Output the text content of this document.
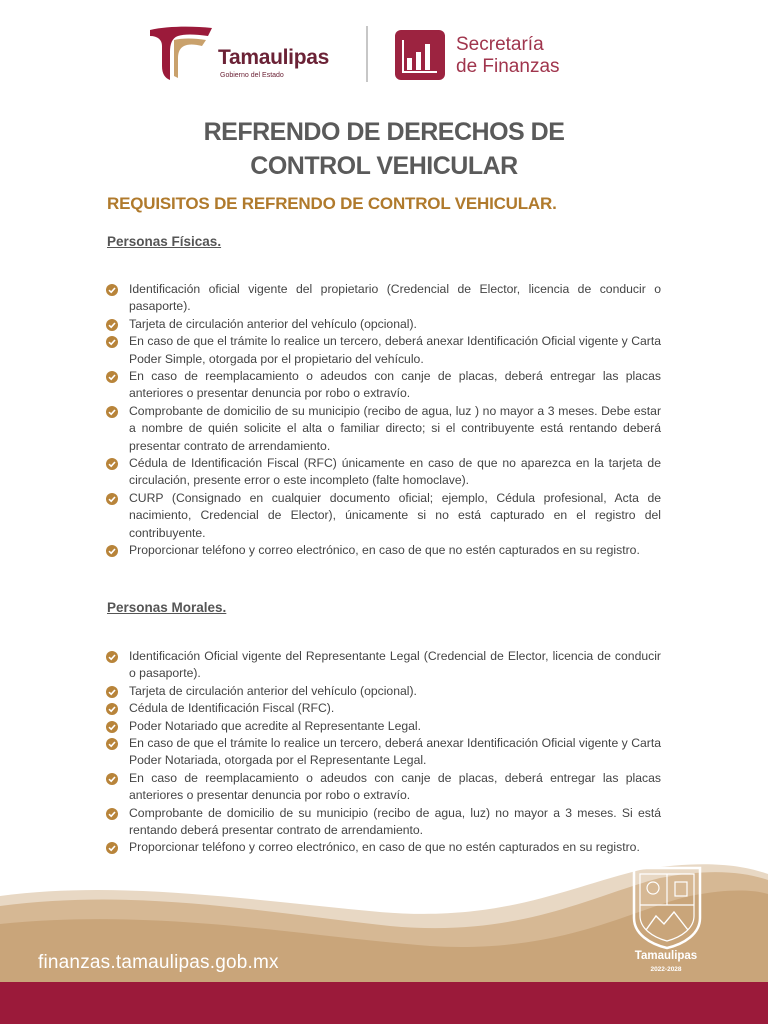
Tamaulipas
Gobierno del Estado
Secretaría
de Finanzas
REFRENDO DE DERECHOS DE
CONTROL VEHICULAR
REQUISITOS DE REFRENDO DE CONTROL VEHICULAR.
Personas Físicas.
Identificación oficial vigente del propietario (Credencial de Elector, licencia de conducir o pasaporte).
Tarjeta de circulación anterior del vehículo (opcional).
En caso de que el trámite lo realice un tercero, deberá anexar Identificación Oficial vigente y Carta Poder Simple, otorgada por el propietario del vehículo.
En caso de reemplacamiento o adeudos con canje de placas, deberá entregar las placas anteriores o presentar denuncia por robo o extravío.
Comprobante de domicilio de su municipio (recibo de agua, luz ) no mayor a 3 meses. Debe estar a nombre de quién solicite el alta o familiar directo; si el contribuyente está rentando deberá presentar contrato de arrendamiento.
Cédula de Identificación Fiscal (RFC) únicamente en caso de que no aparezca en la tarjeta de circulación, presente error o este incompleto (falte homoclave).
CURP (Consignado en cualquier documento oficial; ejemplo, Cédula profesional, Acta de nacimiento, Credencial de Elector), únicamente si no está capturado en el registro del contribuyente.
Proporcionar teléfono y correo electrónico, en caso de que no estén capturados en su registro.
Personas Morales.
Identificación Oficial vigente del Representante Legal (Credencial de Elector, licencia de conducir o pasaporte).
Tarjeta de circulación anterior del vehículo (opcional).
Cédula de Identificación Fiscal (RFC).
Poder Notariado que acredite al Representante Legal.
En caso de que el trámite lo realice un tercero, deberá anexar Identificación Oficial vigente y Carta Poder Notariada, otorgada por el Representante Legal.
En caso de reemplacamiento o adeudos con canje de placas, deberá entregar las placas anteriores o presentar denuncia por robo o extravío.
Comprobante de domicilio de su municipio (recibo de agua, luz) no mayor a 3 meses. Si está rentando deberá presentar contrato de arrendamiento.
Proporcionar teléfono y correo electrónico, en caso de que no estén capturados en su registro.
finanzas.tamaulipas.gob.mx	Tamaulipas
2022-2028
